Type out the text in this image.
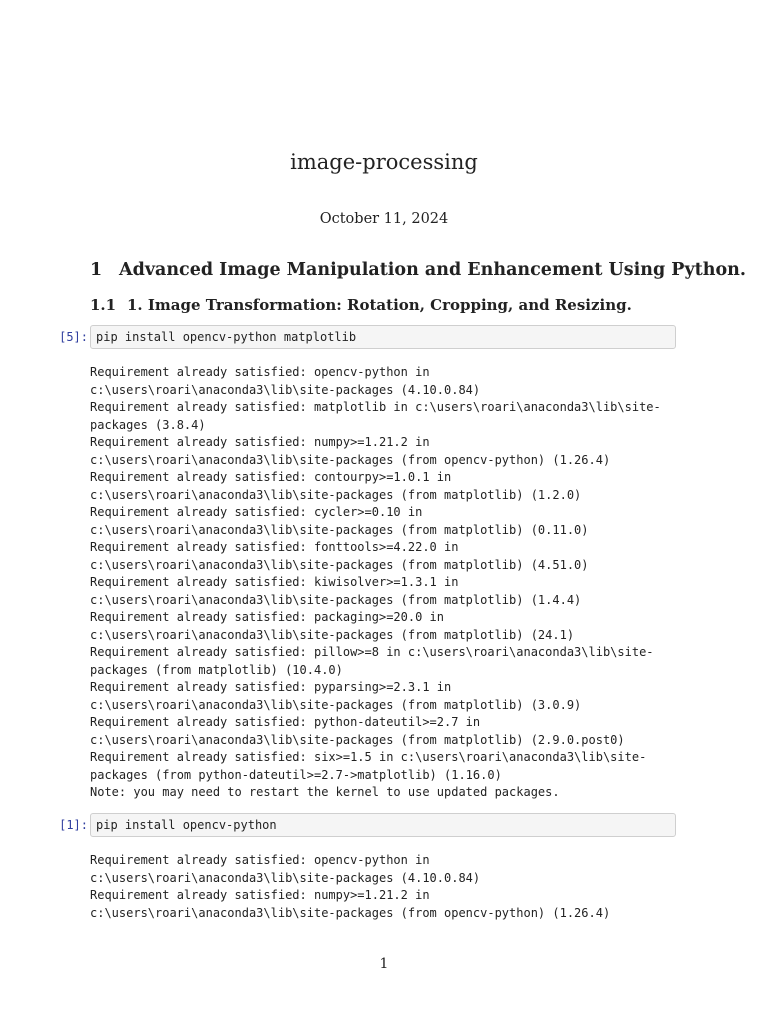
image-processing
October 11, 2024
1 Advanced Image Manipulation and Enhancement Using Python.
1.1 1. Image Transformation: Rotation, Cropping, and Resizing.
[5]: pip install opencv-python matplotlib
Requirement already satisfied: opencv-python in
c:\users\roari\anaconda3\lib\site-packages (4.10.0.84)
Requirement already satisfied: matplotlib in c:\users\roari\anaconda3\lib\site-
packages (3.8.4)
Requirement already satisfied: numpy>=1.21.2 in
c:\users\roari\anaconda3\lib\site-packages (from opencv-python) (1.26.4)
Requirement already satisfied: contourpy>=1.0.1 in
c:\users\roari\anaconda3\lib\site-packages (from matplotlib) (1.2.0)
Requirement already satisfied: cycler>=0.10 in
c:\users\roari\anaconda3\lib\site-packages (from matplotlib) (0.11.0)
Requirement already satisfied: fonttools>=4.22.0 in
c:\users\roari\anaconda3\lib\site-packages (from matplotlib) (4.51.0)
Requirement already satisfied: kiwisolver>=1.3.1 in
c:\users\roari\anaconda3\lib\site-packages (from matplotlib) (1.4.4)
Requirement already satisfied: packaging>=20.0 in
c:\users\roari\anaconda3\lib\site-packages (from matplotlib) (24.1)
Requirement already satisfied: pillow>=8 in c:\users\roari\anaconda3\lib\site-
packages (from matplotlib) (10.4.0)
Requirement already satisfied: pyparsing>=2.3.1 in
c:\users\roari\anaconda3\lib\site-packages (from matplotlib) (3.0.9)
Requirement already satisfied: python-dateutil>=2.7 in
c:\users\roari\anaconda3\lib\site-packages (from matplotlib) (2.9.0.post0)
Requirement already satisfied: six>=1.5 in c:\users\roari\anaconda3\lib\site-
packages (from python-dateutil>=2.7->matplotlib) (1.16.0)
Note: you may need to restart the kernel to use updated packages.
[1]: pip install opencv-python
Requirement already satisfied: opencv-python in
c:\users\roari\anaconda3\lib\site-packages (4.10.0.84)
Requirement already satisfied: numpy>=1.21.2 in
c:\users\roari\anaconda3\lib\site-packages (from opencv-python) (1.26.4)
1
